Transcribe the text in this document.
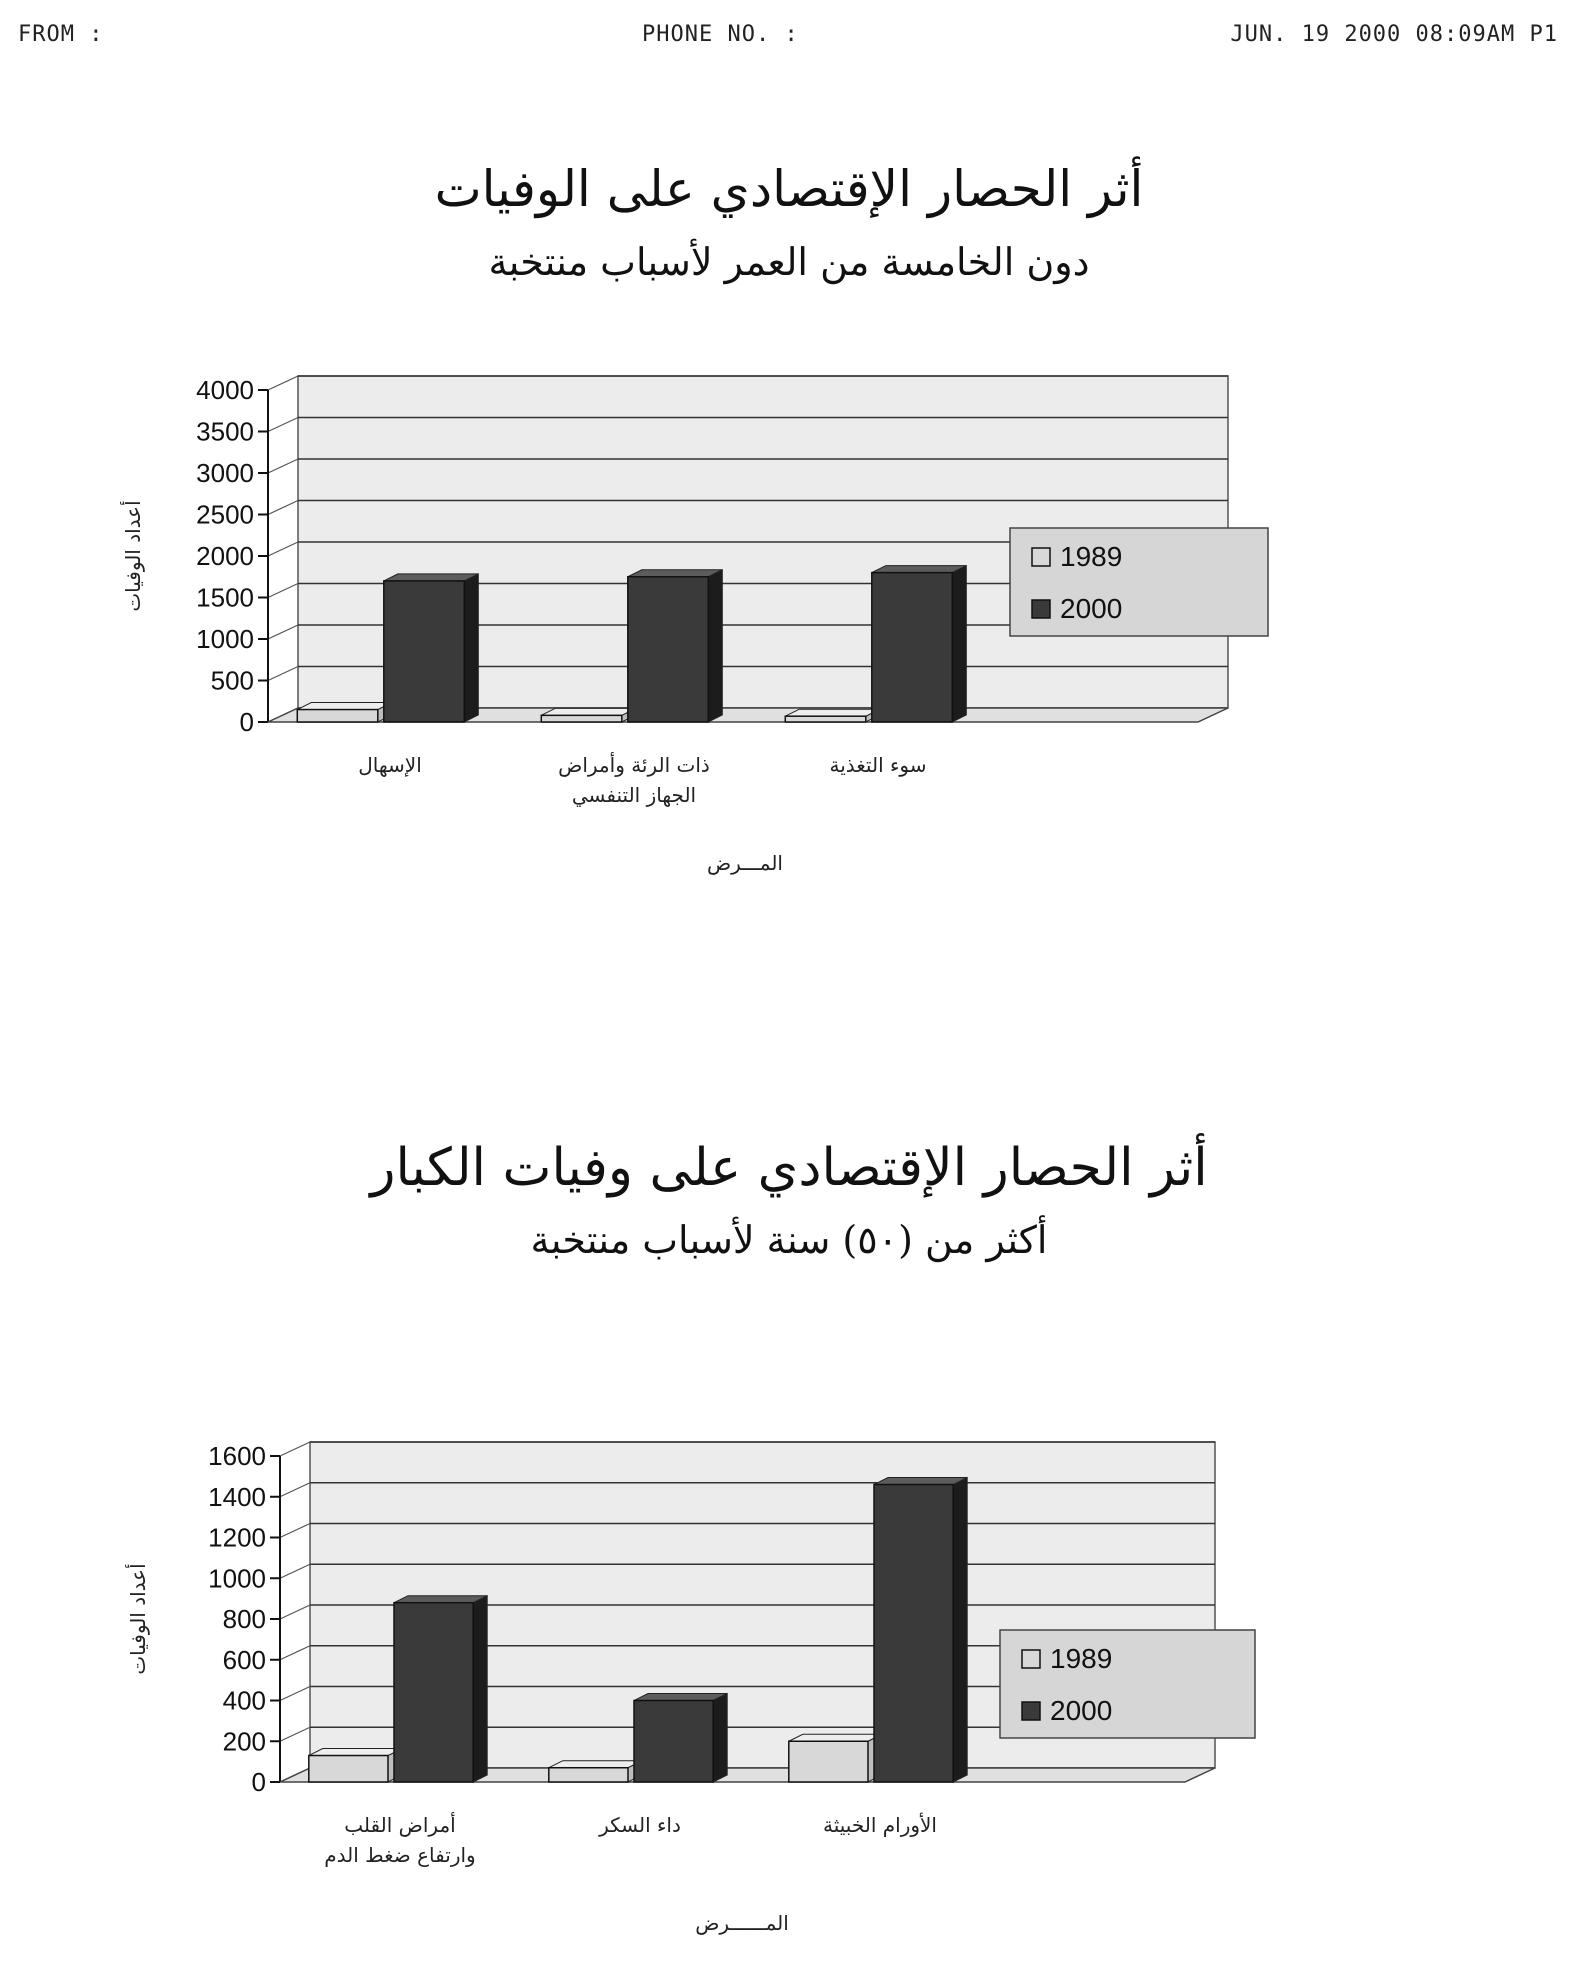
FROM :	PHONE NO. :	JUN. 19 2000 08:09AM P1
أثر الحصار الإقتصادي على الوفيات
دون الخامسة من العمر لأسباب منتخبة
0
500
1000
1500
2000
2500
3000
3500
4000
الإسهال	ذات الرئة وأمراض
الجهاز التنفسي
سوء التغذية
أعداد الوفيات
المـــرض
1989
2000
أثر الحصار الإقتصادي على وفيات الكبار
أكثر من (٥٠) سنة لأسباب منتخبة
0
200
400
600
800
1000
1200
1400
1600
أمراض القلب
وارتفاع ضغط الدم
داء السكر	الأورام الخبيثة
أعداد الوفيات
المــــــرض
1989
2000
